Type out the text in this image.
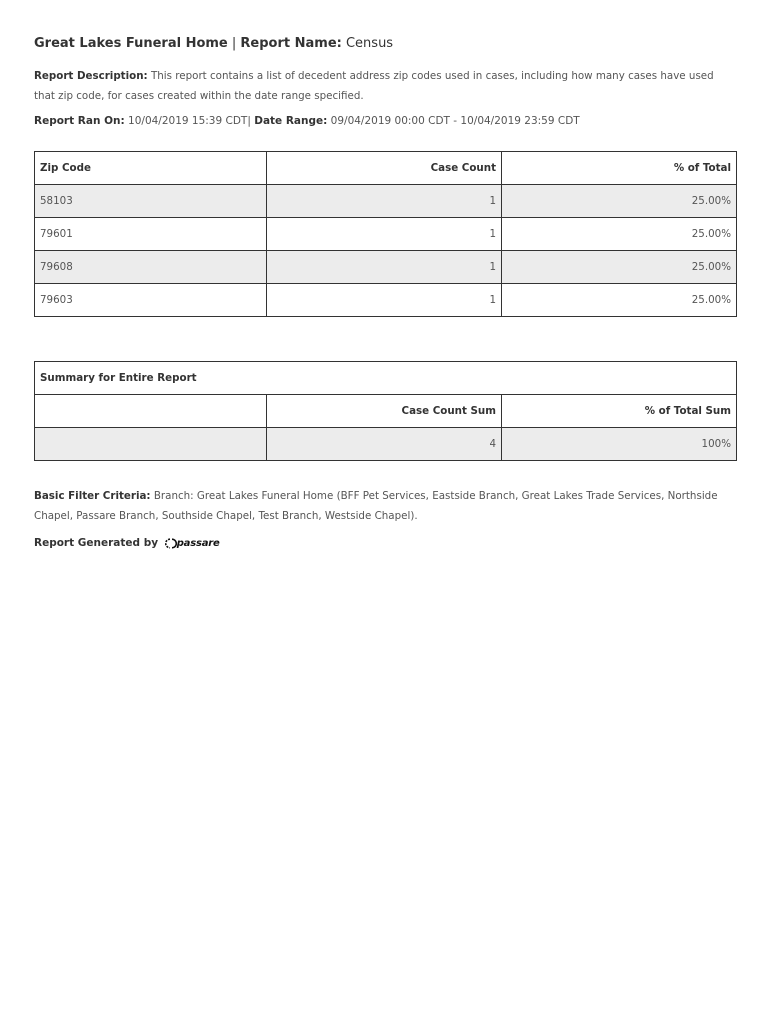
Great Lakes Funeral Home | Report Name: Census
Report Description: This report contains a list of decedent address zip codes used in cases, including how many cases have used that zip code, for cases created within the date range specified.
Report Ran On: 10/04/2019 15:39 CDT| Date Range: 09/04/2019 00:00 CDT - 10/04/2019 23:59 CDT
Zip Code	Case Count	% of Total
58103	1	25.00%
79601	1	25.00%
79608	1	25.00%
79603	1	25.00%
Summary for Entire Report		
	Case Count Sum	% of Total Sum
	4	100%
Basic Filter Criteria: Branch: Great Lakes Funeral Home (BFF Pet Services, Eastside Branch, Great Lakes Trade Services, Northside Chapel, Passare Branch, Southside Chapel, Test Branch, Westside Chapel).
Report Generated by passare
